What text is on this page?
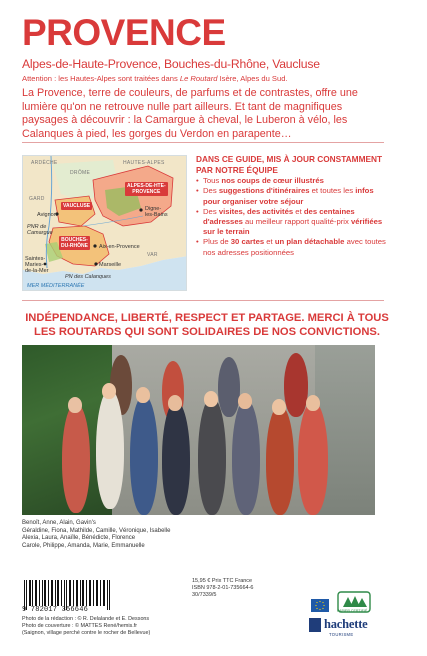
PROVENCE
Alpes-de-Haute-Provence, Bouches-du-Rhône, Vaucluse
Attention : les Hautes-Alpes sont traitées dans Le Routard Isère, Alpes du Sud.
La Provence, terre de couleurs, de parfums et de contrastes, offre une lumière qu'on ne retrouve nulle part ailleurs. Et tant de magnifiques paysages à découvrir : la Camargue à cheval, le Luberon à vélo, les Calanques à pied, les gorges du Verdon en parapente…
ARDÈCHE
DRÔME
HAUTES-ALPES
GARD
VAR
ALPES-DE-HTE-
PROVENCE
VAUCLUSE
BOUCHES-
DU-RHÔNE
Avignon
Digne-
les-Bains
PNR de
Camargue
Aix-en-Provence
Saintes-
Maries-
de-la-Mer
Marseille
PN des Calanques
MER MÉDITERRANÉE
DANS CE GUIDE, MIS À JOUR CONSTAMMENT PAR NOTRE ÉQUIPE
• Tous nos coups de cœur illustrés
• Des suggestions d'itinéraires et toutes les infos pour organiser votre séjour
• Des visites, des activités et des centaines d'adresses au meilleur rapport qualité-prix vérifiées sur le terrain
• Plus de 30 cartes et un plan détachable avec toutes nos adresses positionnées
INDÉPENDANCE, LIBERTÉ, RESPECT ET PARTAGE. MERCI À TOUS LES ROUTARDS QUI SONT SOLIDAIRES DE NOS CONVICTIONS.
Benoît, Anne, Alain, Gavin's
Géraldine, Fiona, Mathilde, Camille, Véronique, Isabelle
Alexia, Laura, Anaïlle, Bénédicte, Florence
Carole, Philippe, Amanda, Marie, Emmanuelle
9 782017 356646
Photo de la rédaction : © R. Delalande et E. Dessons
Photo de couverture : © MATTES René/hemis.fr
(Saignon, village perché contre le rocher de Bellevue)
15,95 € Prix TTC France
ISBN 978-2-01-735664-6
30/7339/5
PAPIER CERTIFIÉ
hachette
TOURISME
